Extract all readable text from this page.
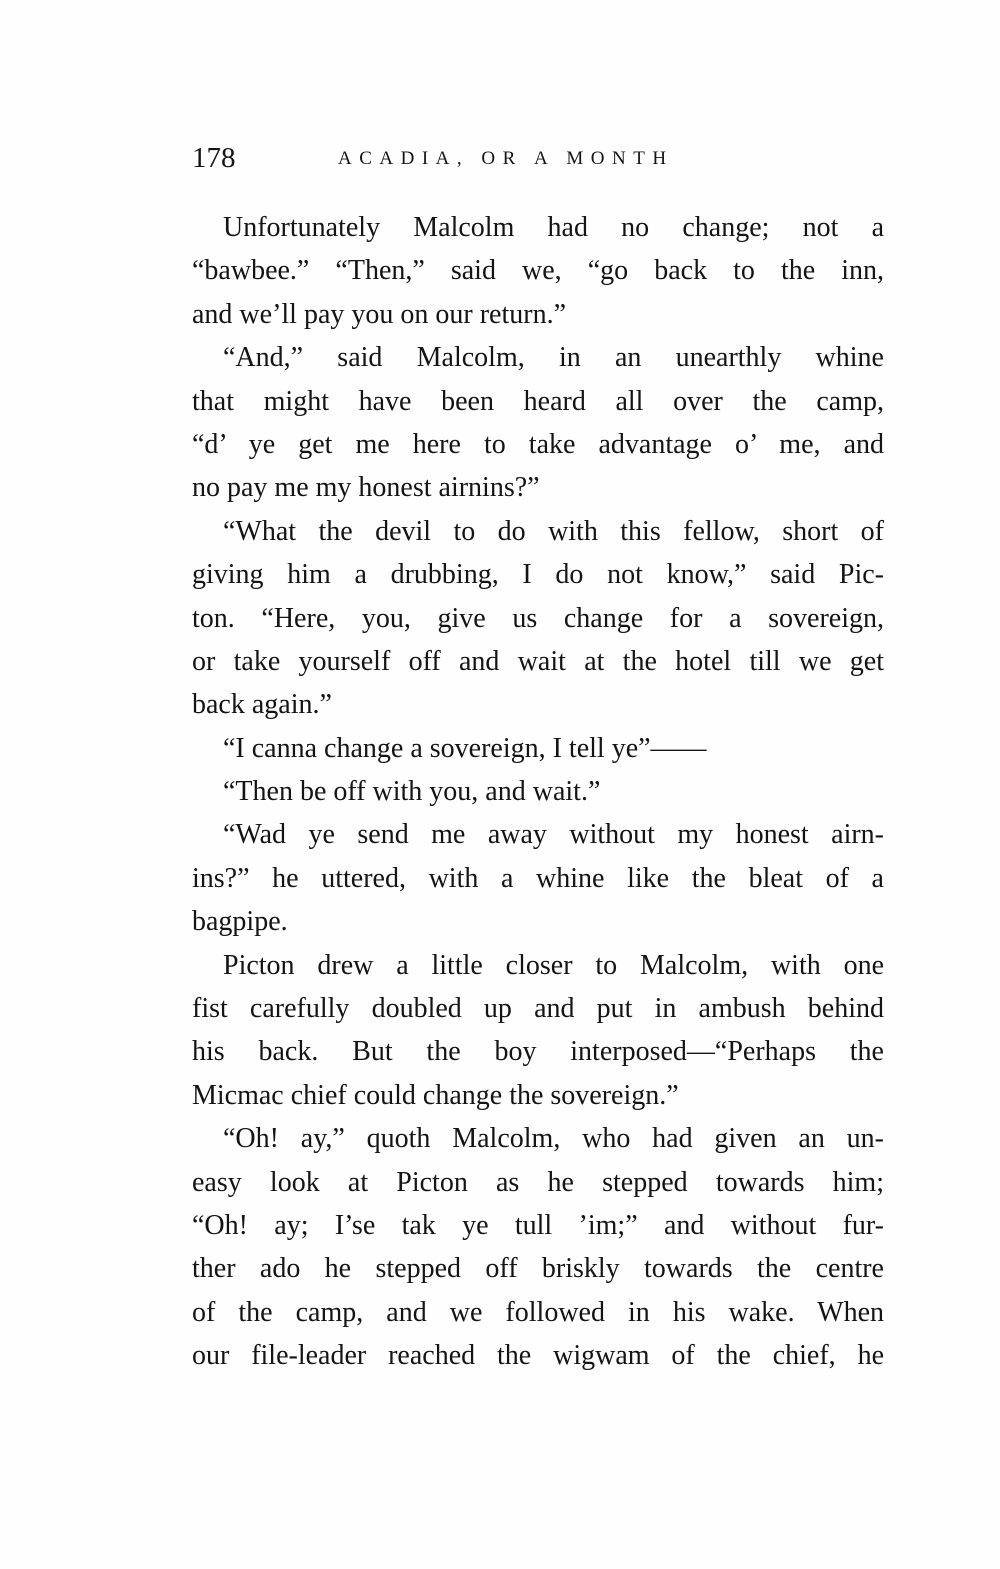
178	ACADIA, OR A MONTH
Unfortunately Malcolm had no change; not a
“bawbee.” “Then,” said we, “go back to the inn,
and we’ll pay you on our return.”
“And,” said Malcolm, in an unearthly whine
that might have been heard all over the camp,
“d’ ye get me here to take advantage o’ me, and
no pay me my honest airnins?”
“What the devil to do with this fellow, short of
giving him a drubbing, I do not know,” said Pic-
ton. “Here, you, give us change for a sovereign,
or take yourself off and wait at the hotel till we get
back again.”
“I canna change a sovereign, I tell ye”——
“Then be off with you, and wait.”
“Wad ye send me away without my honest airn-
ins?” he uttered, with a whine like the bleat of a
bagpipe.
Picton drew a little closer to Malcolm, with one
fist carefully doubled up and put in ambush behind
his back. But the boy interposed—“Perhaps the
Micmac chief could change the sovereign.”
“Oh! ay,” quoth Malcolm, who had given an un-
easy look at Picton as he stepped towards him;
“Oh! ay; I’se tak ye tull ’im;” and without fur-
ther ado he stepped off briskly towards the centre
of the camp, and we followed in his wake. When
our file-leader reached the wigwam of the chief, he
